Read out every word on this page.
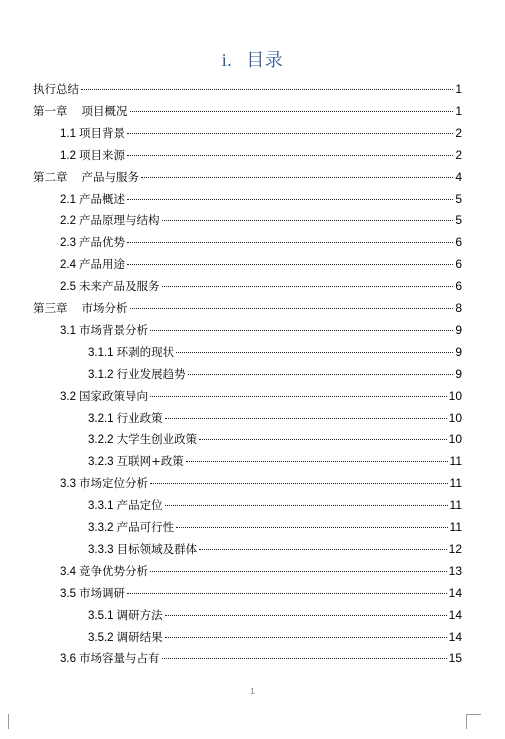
i. 目录
执行总结	1
第一章 项目概况	1
1.1 项目背景	2
1.2 项目来源	2
第二章 产品与服务	4
2.1 产品概述	5
2.2 产品原理与结构	5
2.3 产品优势	6
2.4 产品用途	6
2.5 未来产品及服务	6
第三章 市场分析	8
3.1 市场背景分析	9
3.1.1 环剥的现状	9
3.1.2 行业发展趋势	9
3.2 国家政策导向	10
3.2.1 行业政策	10
3.2.2 大学生创业政策	10
3.2.3 互联网+政策	11
3.3 市场定位分析	11
3.3.1 产品定位	11
3.3.2 产品可行性	11
3.3.3 目标领域及群体	12
3.4 竞争优势分析	13
3.5 市场调研	14
3.5.1 调研方法	14
3.5.2 调研结果	14
3.6 市场容量与占有	15
1
